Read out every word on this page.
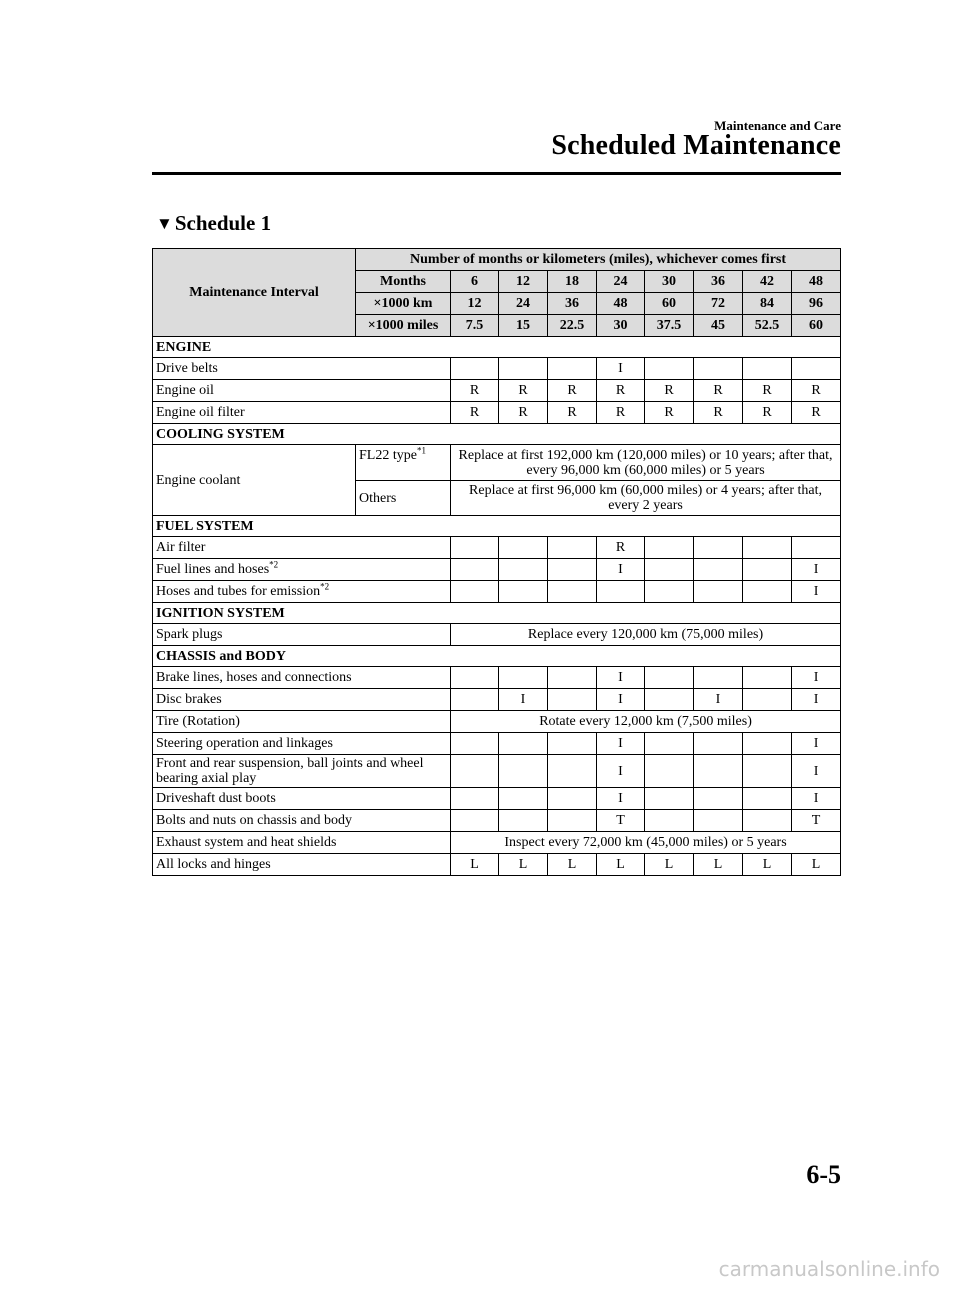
Maintenance and Care
Scheduled Maintenance
▼ Schedule 1
Maintenance Interval	Number of months or kilometers (miles), whichever comes first								
	Months	6	12	18	24	30	36	42	48
	×1000 km	12	24	36	48	60	72	84	96
	×1000 miles	7.5	15	22.5	30	37.5	45	52.5	60
ENGINE									
Drive belts					I				
Engine oil		R	R	R	R	R	R	R	R
Engine oil filter		R	R	R	R	R	R	R	R
COOLING SYSTEM									
Engine coolant	FL22 type$^{*1}$	Replace at first 192,000 km (120,000 miles) or 10 years; after that, every 96,000 km (60,000 miles) or 5 years							
	Others	Replace at first 96,000 km (60,000 miles) or 4 years; after that, every 2 years							
FUEL SYSTEM									
Air filter					R				
Fuel lines and hoses$^{*2}$					I				I
Hoses and tubes for emission$^{*2}$									I
IGNITION SYSTEM									
Spark plugs		Replace every 120,000 km (75,000 miles)							
CHASSIS and BODY									
Brake lines, hoses and connections					I				I
Disc brakes			I		I		I		I
Tire (Rotation)		Rotate every 12,000 km (7,500 miles)							
Steering operation and linkages					I				I
Front and rear suspension, ball joints and wheel bearing axial play					I				I
Driveshaft dust boots					I				I
Bolts and nuts on chassis and body					T				T
Exhaust system and heat shields		Inspect every 72,000 km (45,000 miles) or 5 years							
All locks and hinges		L	L	L	L	L	L	L	L
6-5
carmanualsonline.info
